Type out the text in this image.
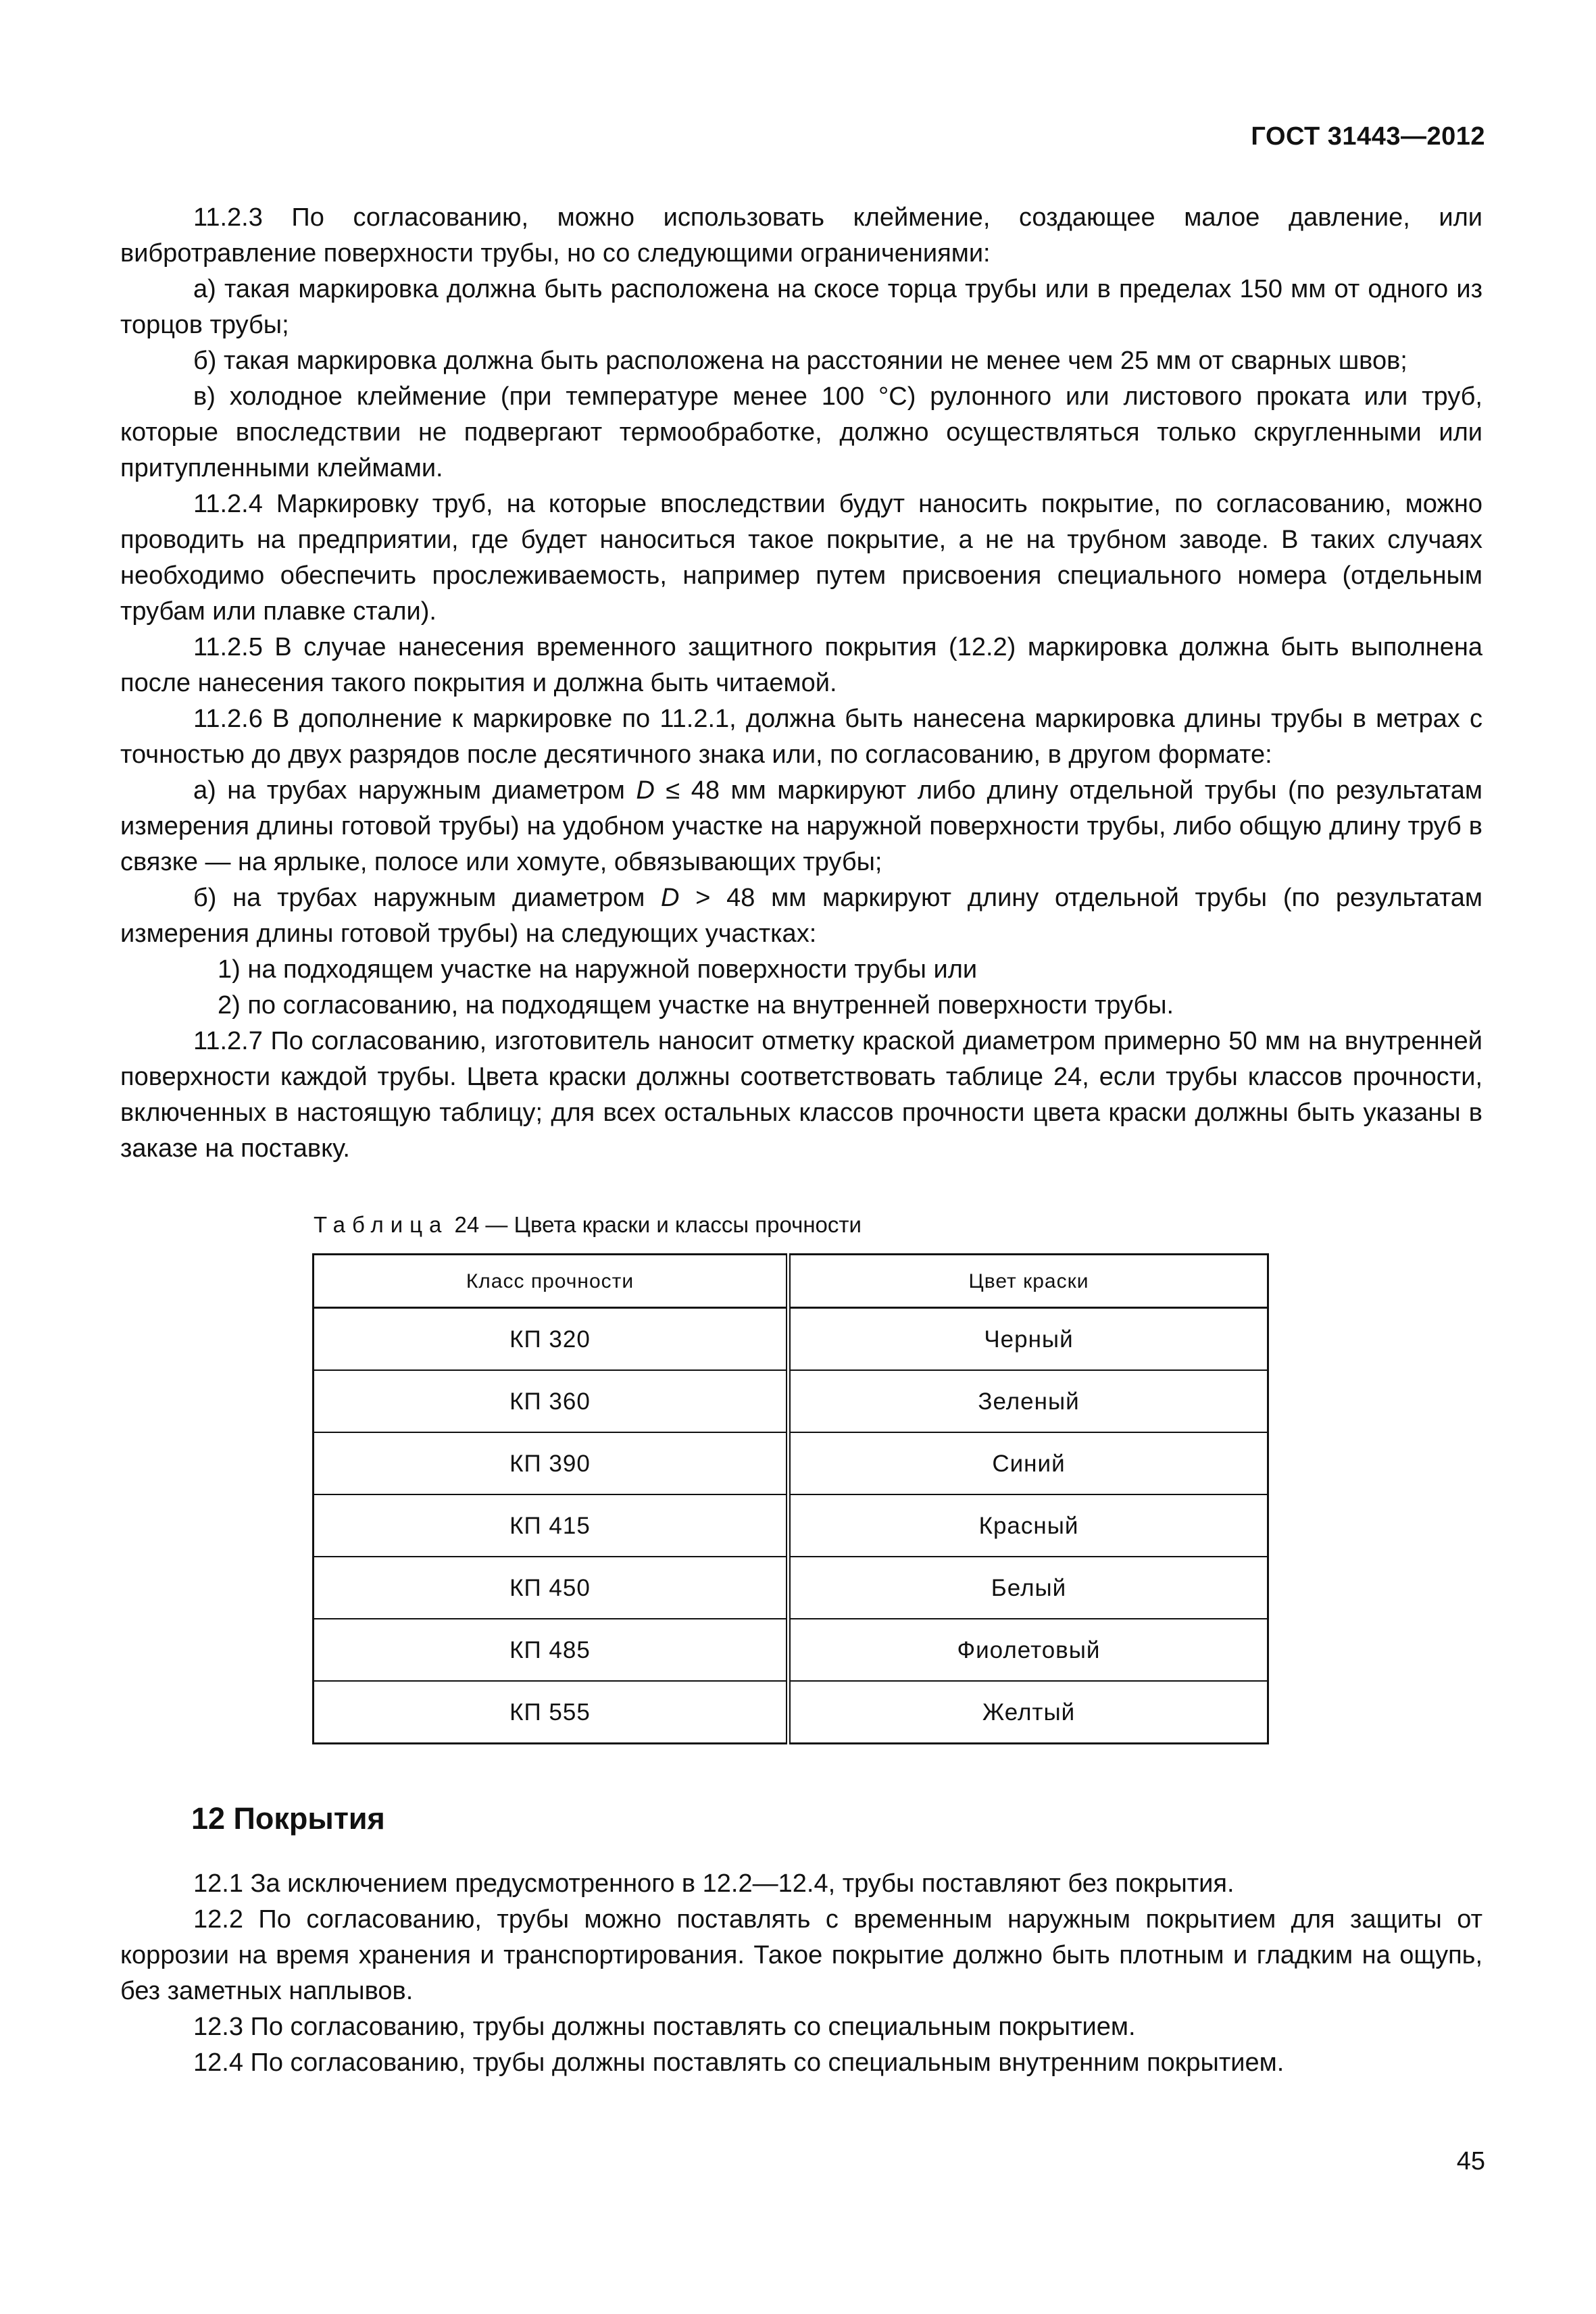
ГОСТ 31443—2012

11.2.3 По согласованию, можно использовать клеймение, создающее малое давление, или вибротравление поверхности трубы, но со следующими ограничениями:

а) такая маркировка должна быть расположена на скосе торца трубы или в пределах 150 мм от одного из торцов трубы;

б) такая маркировка должна быть расположена на расстоянии не менее чем 25 мм от сварных швов;

в) холодное клеймение (при температуре менее 100 °С) рулонного или листового проката или труб, которые впоследствии не подвергают термообработке, должно осуществляться только скругленными или притупленными клеймами.

11.2.4 Маркировку труб, на которые впоследствии будут наносить покрытие, по согласованию, можно проводить на предприятии, где будет наноситься такое покрытие, а не на трубном заводе. В таких случаях необходимо обеспечить прослеживаемость, например путем присвоения специального номера (отдельным трубам или плавке стали).

11.2.5 В случае нанесения временного защитного покрытия (12.2) маркировка должна быть выполнена после нанесения такого покрытия и должна быть читаемой.

11.2.6 В дополнение к маркировке по 11.2.1, должна быть нанесена маркировка длины трубы в метрах с точностью до двух разрядов после десятичного знака или, по согласованию, в другом формате:

а) на трубах наружным диаметром D ≤ 48 мм маркируют либо длину отдельной трубы (по результатам измерения длины готовой трубы) на удобном участке на наружной поверхности трубы, либо общую длину труб в связке — на ярлыке, полосе или хомуте, обвязывающих трубы;

б) на трубах наружным диаметром D > 48 мм маркируют длину отдельной трубы (по результатам измерения длины готовой трубы) на следующих участках:

1) на подходящем участке на наружной поверхности трубы или

2) по согласованию, на подходящем участке на внутренней поверхности трубы.

11.2.7 По согласованию, изготовитель наносит отметку краской диаметром примерно 50 мм на внутренней поверхности каждой трубы. Цвета краски должны соответствовать таблице 24, если трубы классов прочности, включенных в настоящую таблицу; для всех остальных классов прочности цвета краски должны быть указаны в заказе на поставку.

Таблица 24 — Цвета краски и классы прочности
Класс прочности	Цвет краски
КП 320	Черный
КП 360	Зеленый
КП 390	Синий
КП 415	Красный
КП 450	Белый
КП 485	Фиолетовый
КП 555	Желтый
12 Покрытия

12.1 За исключением предусмотренного в 12.2—12.4, трубы поставляют без покрытия.

12.2 По согласованию, трубы можно поставлять с временным наружным покрытием для защиты от коррозии на время хранения и транспортирования. Такое покрытие должно быть плотным и гладким на ощупь, без заметных наплывов.

12.3 По согласованию, трубы должны поставлять со специальным покрытием.

12.4 По согласованию, трубы должны поставлять со специальным внутренним покрытием.

45
